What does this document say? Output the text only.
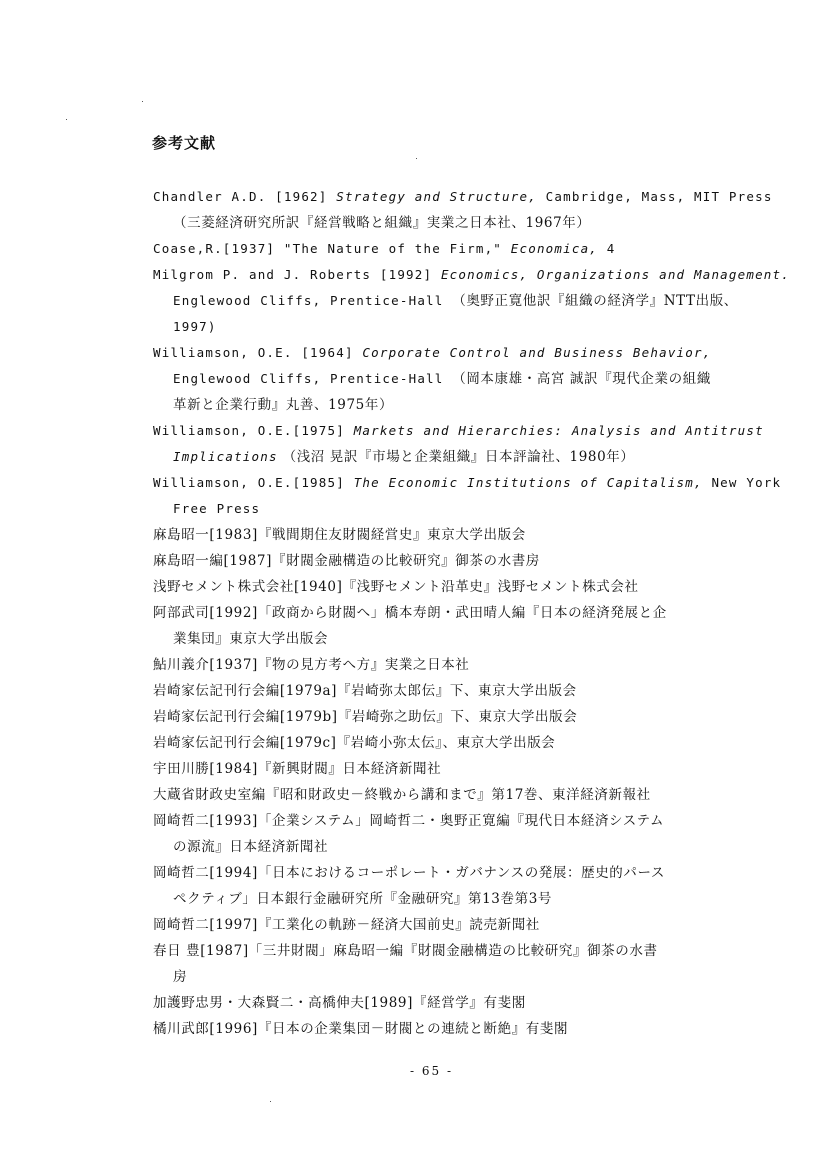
参考文献
Chandler A.D. [1962] Strategy and Structure, Cambridge, Mass, MIT Press
（三菱経済研究所訳『経営戦略と組織』実業之日本社、1967年）
Coase,R.[1937] "The Nature of the Firm," Economica, 4
Milgrom P. and J. Roberts [1992] Economics, Organizations and Management.
Englewood Cliffs, Prentice-Hall （奥野正寛他訳『組織の経済学』NTT出版、
1997)
Williamson, O.E. [1964] Corporate Control and Business Behavior,
Englewood Cliffs, Prentice-Hall （岡本康雄・高宮 誠訳『現代企業の組織
革新と企業行動』丸善、1975年）
Williamson, O.E.[1975] Markets and Hierarchies: Analysis and Antitrust
Implications （浅沼 晃訳『市場と企業組織』日本評論社、1980年）
Williamson, O.E.[1985] The Economic Institutions of Capitalism, New York
Free Press
麻島昭一[1983]『戦間期住友財閥経営史』東京大学出版会
麻島昭一編[1987]『財閥金融構造の比較研究』御茶の水書房
浅野セメント株式会社[1940]『浅野セメント沿革史』浅野セメント株式会社
阿部武司[1992]「政商から財閥へ」橋本寿朗・武田晴人編『日本の経済発展と企
業集団』東京大学出版会
鮎川義介[1937]『物の見方考へ方』実業之日本社
岩崎家伝記刊行会編[1979a]『岩崎弥太郎伝』下、東京大学出版会
岩崎家伝記刊行会編[1979b]『岩崎弥之助伝』下、東京大学出版会
岩崎家伝記刊行会編[1979c]『岩崎小弥太伝』、東京大学出版会
宇田川勝[1984]『新興財閥』日本経済新聞社
大蔵省財政史室編『昭和財政史－終戦から講和まで』第17巻、東洋経済新報社
岡崎哲二[1993]「企業システム」岡崎哲二・奥野正寛編『現代日本経済システム
の源流』日本経済新聞社
岡崎哲二[1994]「日本におけるコーポレート・ガバナンスの発展：歴史的パース
ペクティブ」日本銀行金融研究所『金融研究』第13巻第3号
岡崎哲二[1997]『工業化の軌跡－経済大国前史』読売新聞社
春日 豊[1987]「三井財閥」麻島昭一編『財閥金融構造の比較研究』御茶の水書
房
加護野忠男・大森賢二・高橋伸夫[1989]『経営学』有斐閣
橘川武郎[1996]『日本の企業集団－財閥との連続と断絶』有斐閣
- 65 -
